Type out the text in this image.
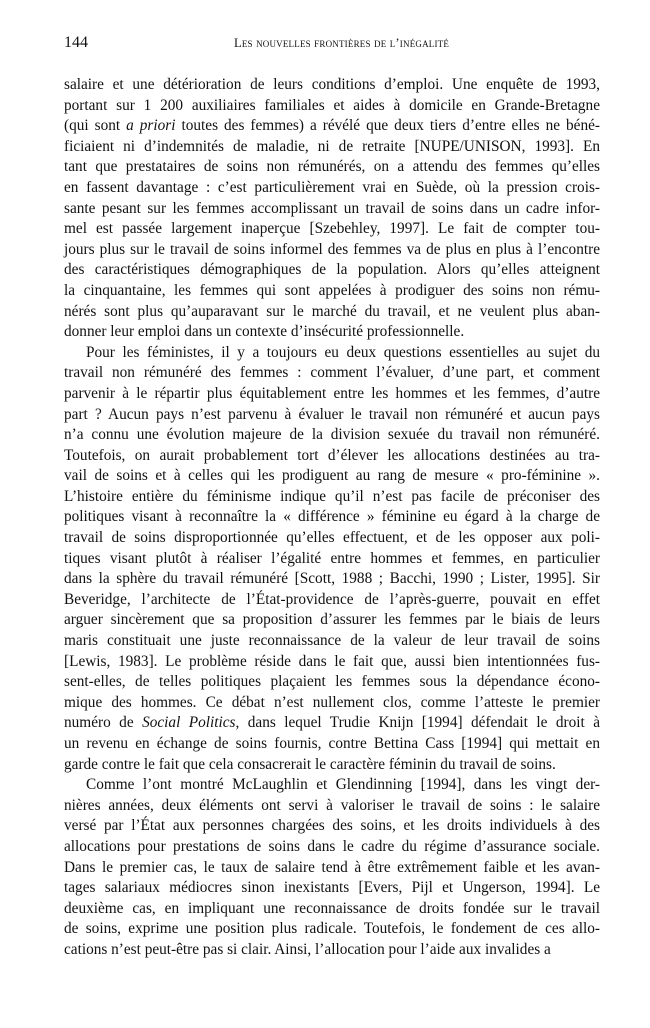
144	Les nouvelles frontières de l’inégalité
salaire et une détérioration de leurs conditions d’emploi. Une enquête de 1993,
portant sur 1 200 auxiliaires familiales et aides à domicile en Grande-Bretagne
(qui sont a priori toutes des femmes) a révélé que deux tiers d’entre elles ne béné-
ficiaient ni d’indemnités de maladie, ni de retraite [NUPE/UNISON, 1993]. En
tant que prestataires de soins non rémunérés, on a attendu des femmes qu’elles
en fassent davantage : c’est particulièrement vrai en Suède, où la pression crois-
sante pesant sur les femmes accomplissant un travail de soins dans un cadre infor-
mel est passée largement inaperçue [Szebehley, 1997]. Le fait de compter tou-
jours plus sur le travail de soins informel des femmes va de plus en plus à l’encontre
des caractéristiques démographiques de la population. Alors qu’elles atteignent
la cinquantaine, les femmes qui sont appelées à prodiguer des soins non rému-
nérés sont plus qu’auparavant sur le marché du travail, et ne veulent plus aban-
donner leur emploi dans un contexte d’insécurité professionnelle.
Pour les féministes, il y a toujours eu deux questions essentielles au sujet du
travail non rémunéré des femmes : comment l’évaluer, d’une part, et comment
parvenir à le répartir plus équitablement entre les hommes et les femmes, d’autre
part ? Aucun pays n’est parvenu à évaluer le travail non rémunéré et aucun pays
n’a connu une évolution majeure de la division sexuée du travail non rémunéré.
Toutefois, on aurait probablement tort d’élever les allocations destinées au tra-
vail de soins et à celles qui les prodiguent au rang de mesure « pro-féminine ».
L’histoire entière du féminisme indique qu’il n’est pas facile de préconiser des
politiques visant à reconnaître la « différence » féminine eu égard à la charge de
travail de soins disproportionnée qu’elles effectuent, et de les opposer aux poli-
tiques visant plutôt à réaliser l’égalité entre hommes et femmes, en particulier
dans la sphère du travail rémunéré [Scott, 1988 ; Bacchi, 1990 ; Lister, 1995]. Sir
Beveridge, l’architecte de l’État-providence de l’après-guerre, pouvait en effet
arguer sincèrement que sa proposition d’assurer les femmes par le biais de leurs
maris constituait une juste reconnaissance de la valeur de leur travail de soins
[Lewis, 1983]. Le problème réside dans le fait que, aussi bien intentionnées fus-
sent-elles, de telles politiques plaçaient les femmes sous la dépendance écono-
mique des hommes. Ce débat n’est nullement clos, comme l’atteste le premier
numéro de Social Politics, dans lequel Trudie Knijn [1994] défendait le droit à
un revenu en échange de soins fournis, contre Bettina Cass [1994] qui mettait en
garde contre le fait que cela consacrerait le caractère féminin du travail de soins.
Comme l’ont montré McLaughlin et Glendinning [1994], dans les vingt der-
nières années, deux éléments ont servi à valoriser le travail de soins : le salaire
versé par l’État aux personnes chargées des soins, et les droits individuels à des
allocations pour prestations de soins dans le cadre du régime d’assurance sociale.
Dans le premier cas, le taux de salaire tend à être extrêmement faible et les avan-
tages salariaux médiocres sinon inexistants [Evers, Pijl et Ungerson, 1994]. Le
deuxième cas, en impliquant une reconnaissance de droits fondée sur le travail
de soins, exprime une position plus radicale. Toutefois, le fondement de ces allo-
cations n’est peut-être pas si clair. Ainsi, l’allocation pour l’aide aux invalides a
